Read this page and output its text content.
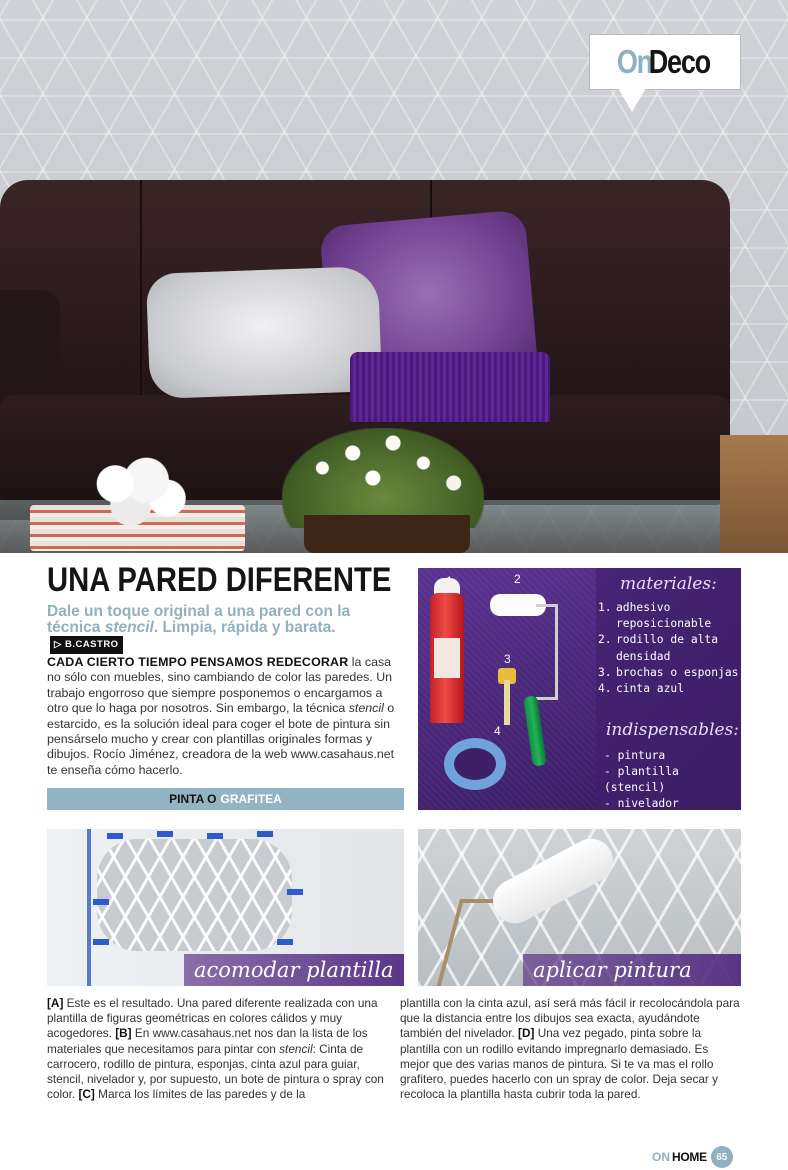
On
Deco
UNA PARED DIFERENTE

Dale un toque original a una pared con la técnica stencil. Limpia, rápida y barata. ▷ B.CASTRO

CADA CIERTO TIEMPO PENSAMOS REDECORAR la casa no sólo con muebles, sino cambiando de color las paredes. Un trabajo engorroso que siempre posponemos o encargamos a otro que lo haga por nosotros. Sin embargo, la técnica stencil o estarcido, es la solución ideal para coger el bote de pintura sin pensárselo mucho y crear con plantillas originales formas y dibujos. Rocío Jiménez, creadora de la web www.casahaus.net te enseña cómo hacerlo.

PINTA O GRAFITEA
2
3
4
materiales:
1. adhesivo reposicionable
2. rodillo de alta densidad
3. brochas o esponjas
4. cinta azul
indispensables:
- pintura
- plantilla (stencil)
- nivelador
acomodar plantilla	aplicar pintura

[A] Este es el resultado. Una pared diferente realizada con una plantilla de figuras geométricas en colores cálidos y muy acogedores. [B] En www.casahaus.net nos dan la lista de los materiales que necesitamos para pintar con stencil: Cinta de carrocero, rodillo de pintura, esponjas, cinta azul para guiar, stencil, nivelador y, por supuesto, un bote de pintura o spray con color. [C] Marca los límites de las paredes y de la

plantilla con la cinta azul, así será más fácil ir recolocándola para que la distancia entre los dibujos sea exacta, ayudándote también del nivelador. [D] Una vez pegado, pinta sobre la plantilla con un rodillo evitando impregnarlo demasiado. Es mejor que des varias manos de pintura. Si te va mas el rollo grafitero, puedes hacerlo con un spray de color. Deja secar y recoloca la plantilla hasta cubrir toda la pared.

ON HOME 65
